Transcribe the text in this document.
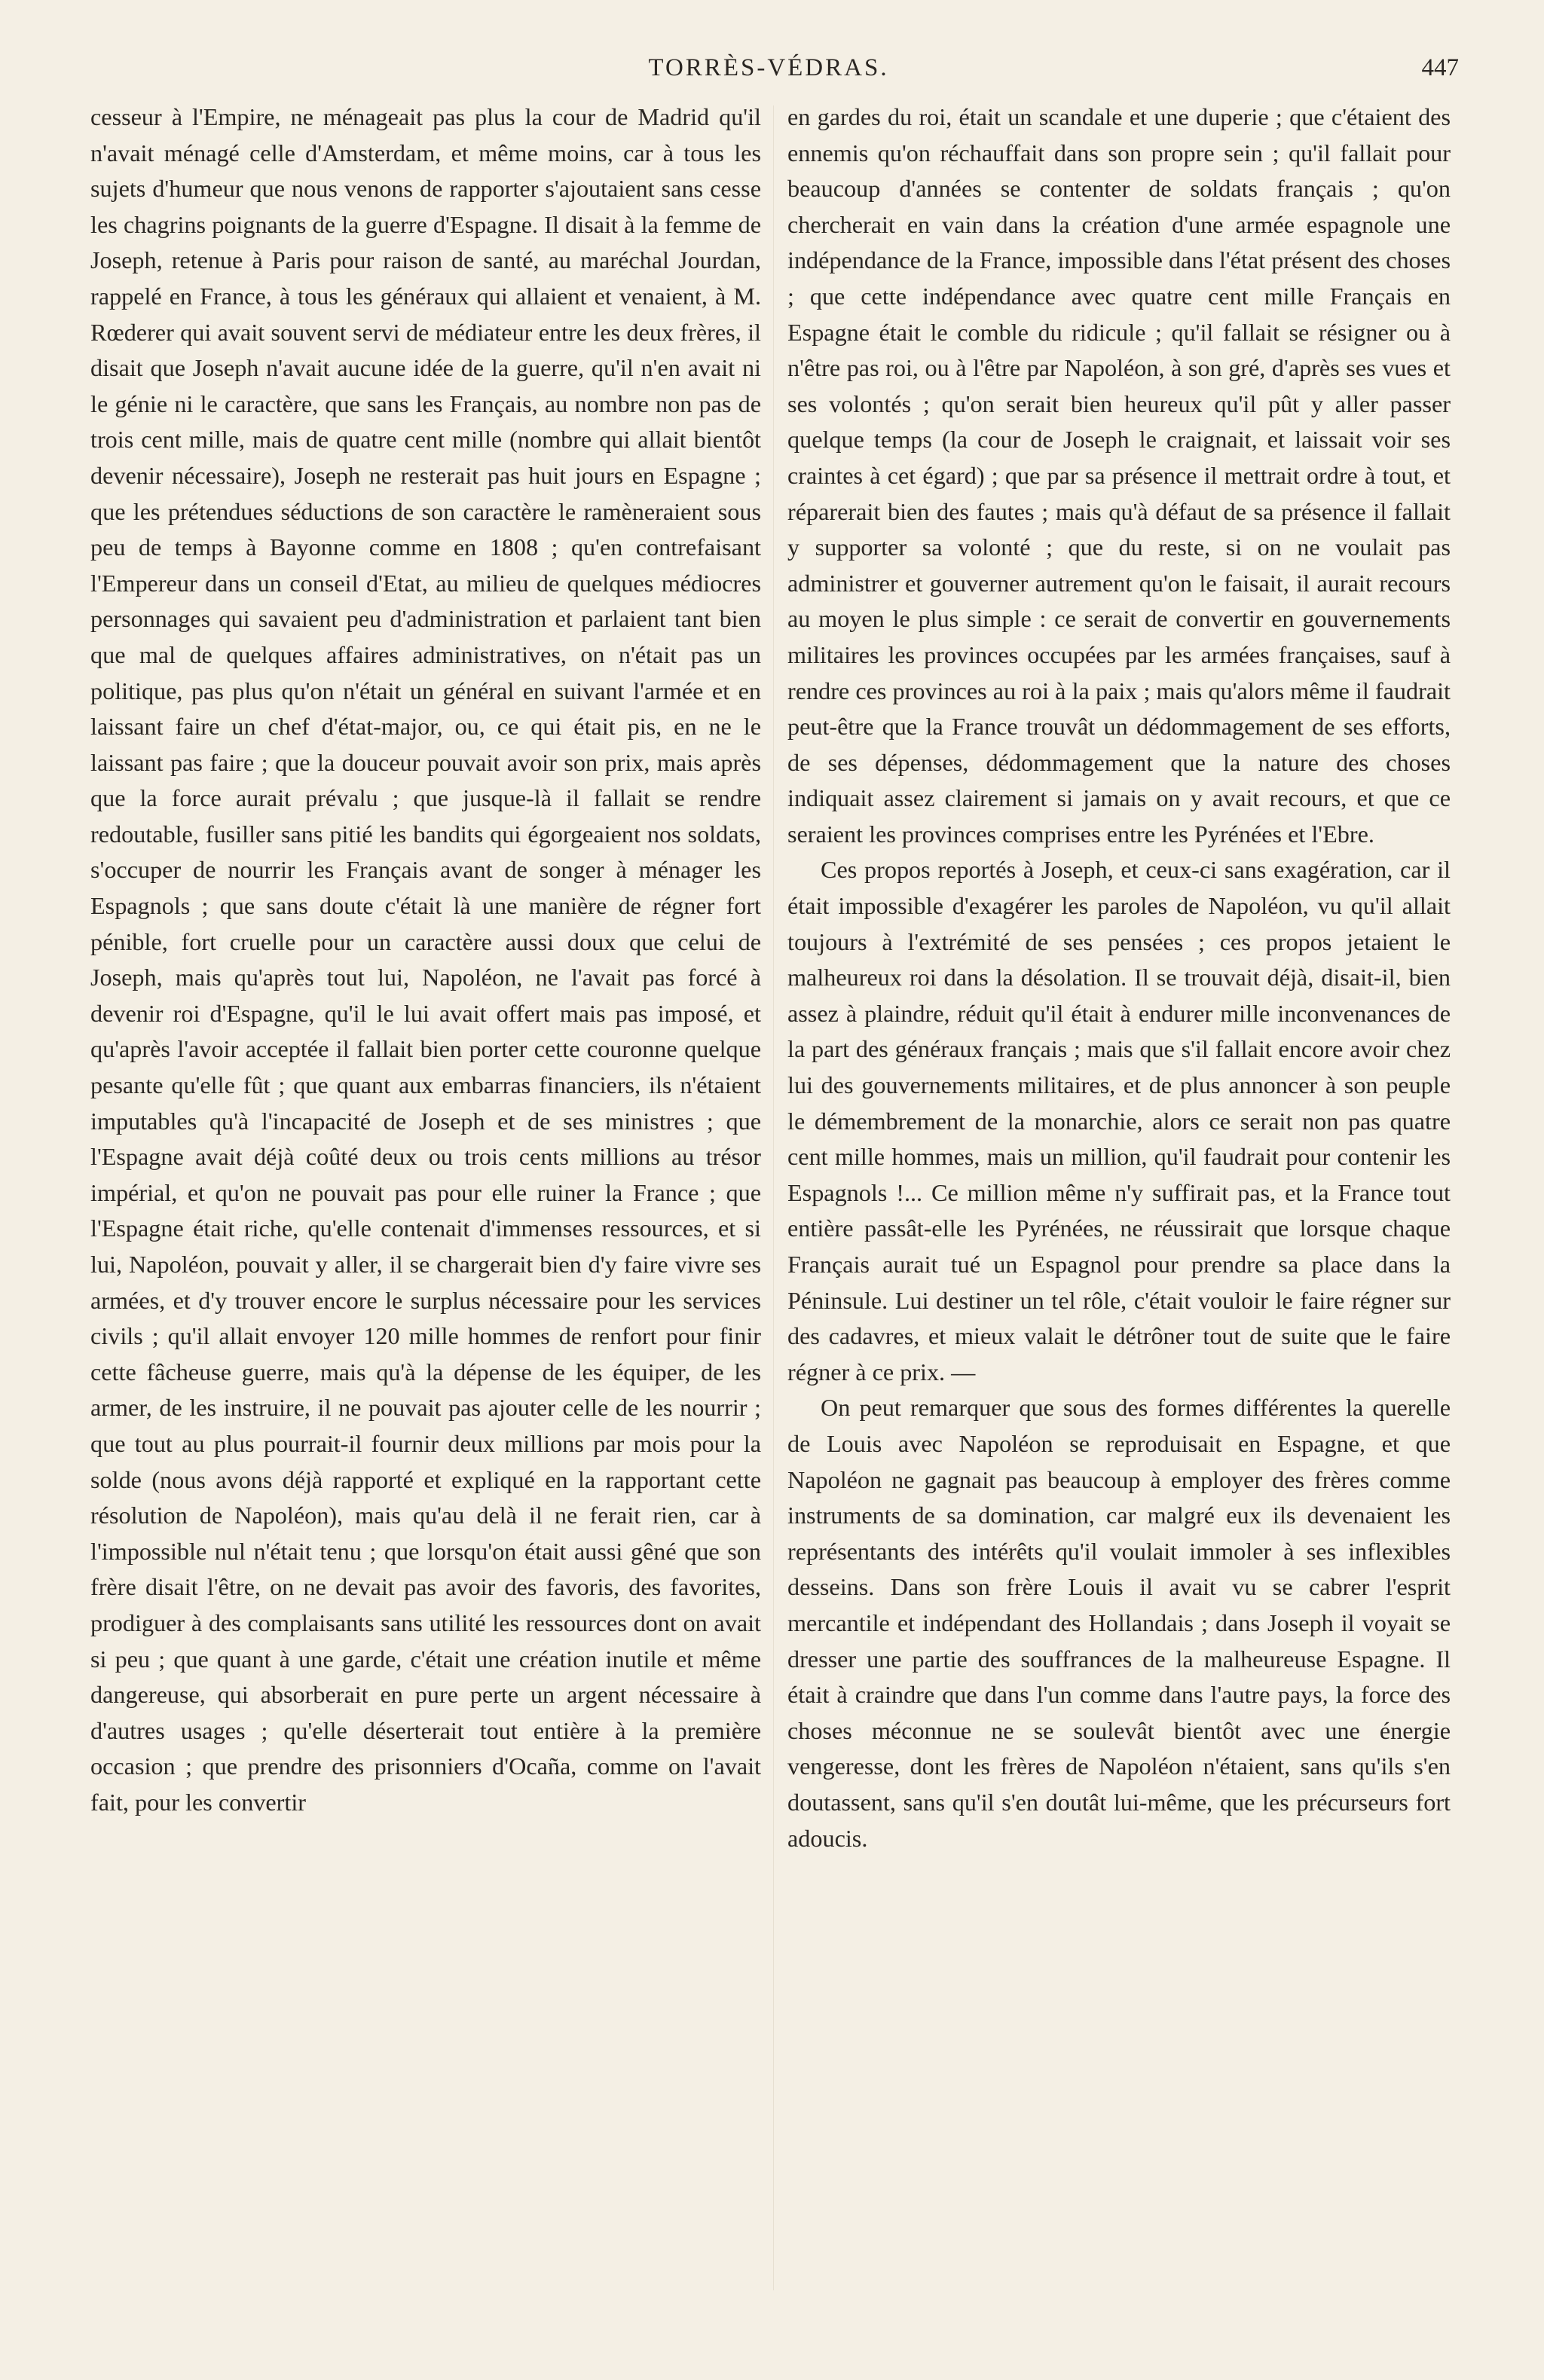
TORRÈS-VÉDRAS.	447

cesseur à l'Empire, ne ménageait pas plus la cour de Madrid qu'il n'avait ménagé celle d'Amsterdam, et même moins, car à tous les sujets d'humeur que nous venons de rapporter s'ajoutaient sans cesse les chagrins poignants de la guerre d'Espagne. Il disait à la femme de Joseph, retenue à Paris pour raison de santé, au maréchal Jourdan, rappelé en France, à tous les généraux qui allaient et venaient, à M. Rœderer qui avait souvent servi de médiateur entre les deux frères, il disait que Joseph n'avait aucune idée de la guerre, qu'il n'en avait ni le génie ni le caractère, que sans les Français, au nombre non pas de trois cent mille, mais de quatre cent mille (nombre qui allait bientôt devenir nécessaire), Joseph ne resterait pas huit jours en Espagne ; que les prétendues séductions de son caractère le ramèneraient sous peu de temps à Bayonne comme en 1808 ; qu'en contrefaisant l'Empereur dans un conseil d'Etat, au milieu de quelques médiocres personnages qui savaient peu d'administration et parlaient tant bien que mal de quelques affaires administratives, on n'était pas un politique, pas plus qu'on n'était un général en suivant l'armée et en laissant faire un chef d'état-major, ou, ce qui était pis, en ne le laissant pas faire ; que la douceur pouvait avoir son prix, mais après que la force aurait prévalu ; que jusque-là il fallait se rendre redoutable, fusiller sans pitié les bandits qui égorgeaient nos soldats, s'occuper de nourrir les Français avant de songer à ménager les Espagnols ; que sans doute c'était là une manière de régner fort pénible, fort cruelle pour un caractère aussi doux que celui de Joseph, mais qu'après tout lui, Napoléon, ne l'avait pas forcé à devenir roi d'Espagne, qu'il le lui avait offert mais pas imposé, et qu'après l'avoir acceptée il fallait bien porter cette couronne quelque pesante qu'elle fût ; que quant aux embarras financiers, ils n'étaient imputables qu'à l'incapacité de Joseph et de ses ministres ; que l'Espagne avait déjà coûté deux ou trois cents millions au trésor impérial, et qu'on ne pouvait pas pour elle ruiner la France ; que l'Espagne était riche, qu'elle contenait d'immenses ressources, et si lui, Napoléon, pouvait y aller, il se chargerait bien d'y faire vivre ses armées, et d'y trouver encore le surplus nécessaire pour les services civils ; qu'il allait envoyer 120 mille hommes de renfort pour finir cette fâcheuse guerre, mais qu'à la dépense de les équiper, de les armer, de les instruire, il ne pouvait pas ajouter celle de les nourrir ; que tout au plus pourrait-il fournir deux millions par mois pour la solde (nous avons déjà rapporté et expliqué en la rapportant cette résolution de Napoléon), mais qu'au delà il ne ferait rien, car à l'impossible nul n'était tenu ; que lorsqu'on était aussi gêné que son frère disait l'être, on ne devait pas avoir des favoris, des favorites, prodiguer à des complaisants sans utilité les ressources dont on avait si peu ; que quant à une garde, c'était une création inutile et même dangereuse, qui absorberait en pure perte un argent nécessaire à d'autres usages ; qu'elle déserterait tout entière à la première occasion ; que prendre des prisonniers d'Ocaña, comme on l'avait fait, pour les convertir

en gardes du roi, était un scandale et une duperie ; que c'étaient des ennemis qu'on réchauffait dans son propre sein ; qu'il fallait pour beaucoup d'années se contenter de soldats français ; qu'on chercherait en vain dans la création d'une armée espagnole une indépendance de la France, impossible dans l'état présent des choses ; que cette indépendance avec quatre cent mille Français en Espagne était le comble du ridicule ; qu'il fallait se résigner ou à n'être pas roi, ou à l'être par Napoléon, à son gré, d'après ses vues et ses volontés ; qu'on serait bien heureux qu'il pût y aller passer quelque temps (la cour de Joseph le craignait, et laissait voir ses craintes à cet égard) ; que par sa présence il mettrait ordre à tout, et réparerait bien des fautes ; mais qu'à défaut de sa présence il fallait y supporter sa volonté ; que du reste, si on ne voulait pas administrer et gouverner autrement qu'on le faisait, il aurait recours au moyen le plus simple : ce serait de convertir en gouvernements militaires les provinces occupées par les armées françaises, sauf à rendre ces provinces au roi à la paix ; mais qu'alors même il faudrait peut-être que la France trouvât un dédommagement de ses efforts, de ses dépenses, dédommagement que la nature des choses indiquait assez clairement si jamais on y avait recours, et que ce seraient les provinces comprises entre les Pyrénées et l'Ebre.

Ces propos reportés à Joseph, et ceux-ci sans exagération, car il était impossible d'exagérer les paroles de Napoléon, vu qu'il allait toujours à l'extrémité de ses pensées ; ces propos jetaient le malheureux roi dans la désolation. Il se trouvait déjà, disait-il, bien assez à plaindre, réduit qu'il était à endurer mille inconvenances de la part des généraux français ; mais que s'il fallait encore avoir chez lui des gouvernements militaires, et de plus annoncer à son peuple le démembrement de la monarchie, alors ce serait non pas quatre cent mille hommes, mais un million, qu'il faudrait pour contenir les Espagnols !... Ce million même n'y suffirait pas, et la France tout entière passât-elle les Pyrénées, ne réussirait que lorsque chaque Français aurait tué un Espagnol pour prendre sa place dans la Péninsule. Lui destiner un tel rôle, c'était vouloir le faire régner sur des cadavres, et mieux valait le détrôner tout de suite que le faire régner à ce prix. —

On peut remarquer que sous des formes différentes la querelle de Louis avec Napoléon se reproduisait en Espagne, et que Napoléon ne gagnait pas beaucoup à employer des frères comme instruments de sa domination, car malgré eux ils devenaient les représentants des intérêts qu'il voulait immoler à ses inflexibles desseins. Dans son frère Louis il avait vu se cabrer l'esprit mercantile et indépendant des Hollandais ; dans Joseph il voyait se dresser une partie des souffrances de la malheureuse Espagne. Il était à craindre que dans l'un comme dans l'autre pays, la force des choses méconnue ne se soulevât bientôt avec une énergie vengeresse, dont les frères de Napoléon n'étaient, sans qu'ils s'en doutassent, sans qu'il s'en doutât lui-même, que les précurseurs fort adoucis.
